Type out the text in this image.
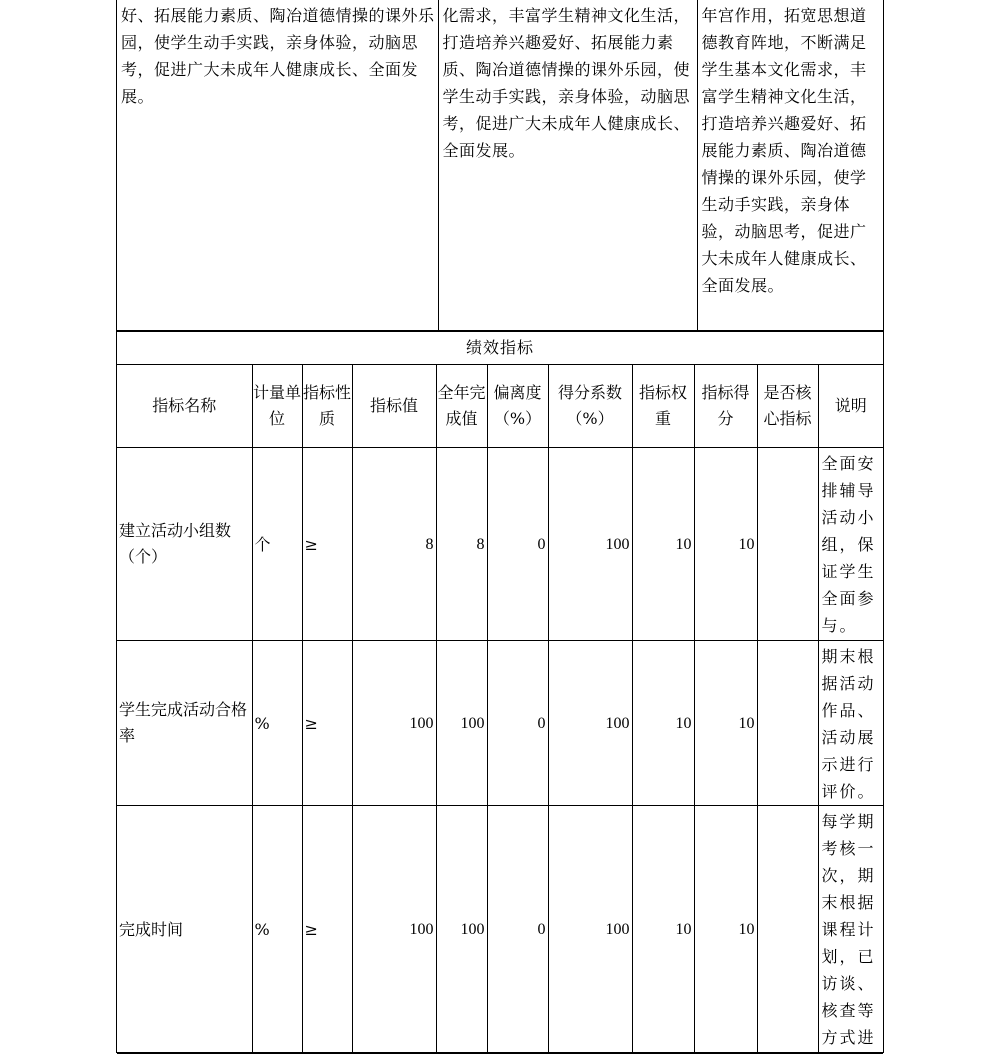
好、拓展能力素质、陶冶道德情操的课外乐园，使学生动手实践，亲身体验，动脑思考，促进广大未成年人健康成长、全面发展。	化需求，丰富学生精神文化生活，打造培养兴趣爱好、拓展能力素质、陶冶道德情操的课外乐园，使学生动手实践，亲身体验，动脑思考，促进广大未成年人健康成长、全面发展。	年宫作用，拓宽思想道德教育阵地，不断满足学生基本文化需求，丰富学生精神文化生活，打造培养兴趣爱好、拓展能力素质、陶冶道德情操的课外乐园，使学生动手实践，亲身体验，动脑思考，促进广大未成年人健康成长、全面发展。
绩效指标										
指标名称	计量单位	指标性质	指标值	全年完成值	偏离度（%）	得分系数（%）	指标权重	指标得分	是否核心指标	说明
建立活动小组数（个）	个	≥	8	8	0	100	10	10		全面安排辅导活动小组，保证学生全面参与。
学生完成活动合格率	%	≥	100	100	0	100	10	10		期末根据活动作品、活动展示进行评价。
完成时间	%	≥	100	100	0	100	10	10		每学期考核一次，期末根据课程计划，已访谈、核查等方式进
